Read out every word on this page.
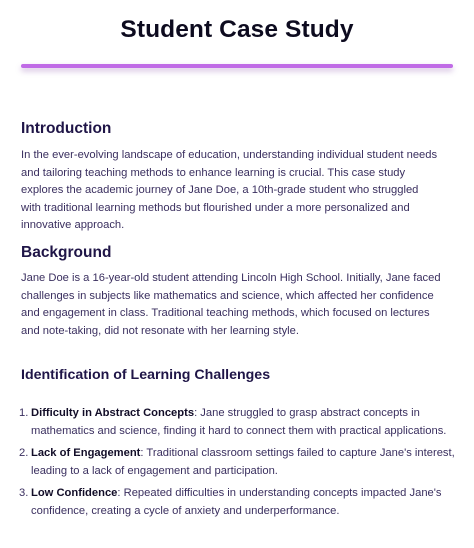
Student Case Study
Introduction

In the ever-evolving landscape of education, understanding individual student needs and tailoring teaching methods to enhance learning is crucial. This case study explores the academic journey of Jane Doe, a 10th-grade student who struggled with traditional learning methods but flourished under a more personalized and innovative approach.

Background

Jane Doe is a 16-year-old student attending Lincoln High School. Initially, Jane faced challenges in subjects like mathematics and science, which affected her confidence and engagement in class. Traditional teaching methods, which focused on lectures and note-taking, did not resonate with her learning style.

Identification of Learning Challenges
1. Difficulty in Abstract Concepts: Jane struggled to grasp abstract concepts in mathematics and science, finding it hard to connect them with practical applications.
2. Lack of Engagement: Traditional classroom settings failed to capture Jane's interest, leading to a lack of engagement and participation.
3. Low Confidence: Repeated difficulties in understanding concepts impacted Jane's confidence, creating a cycle of anxiety and underperformance.
